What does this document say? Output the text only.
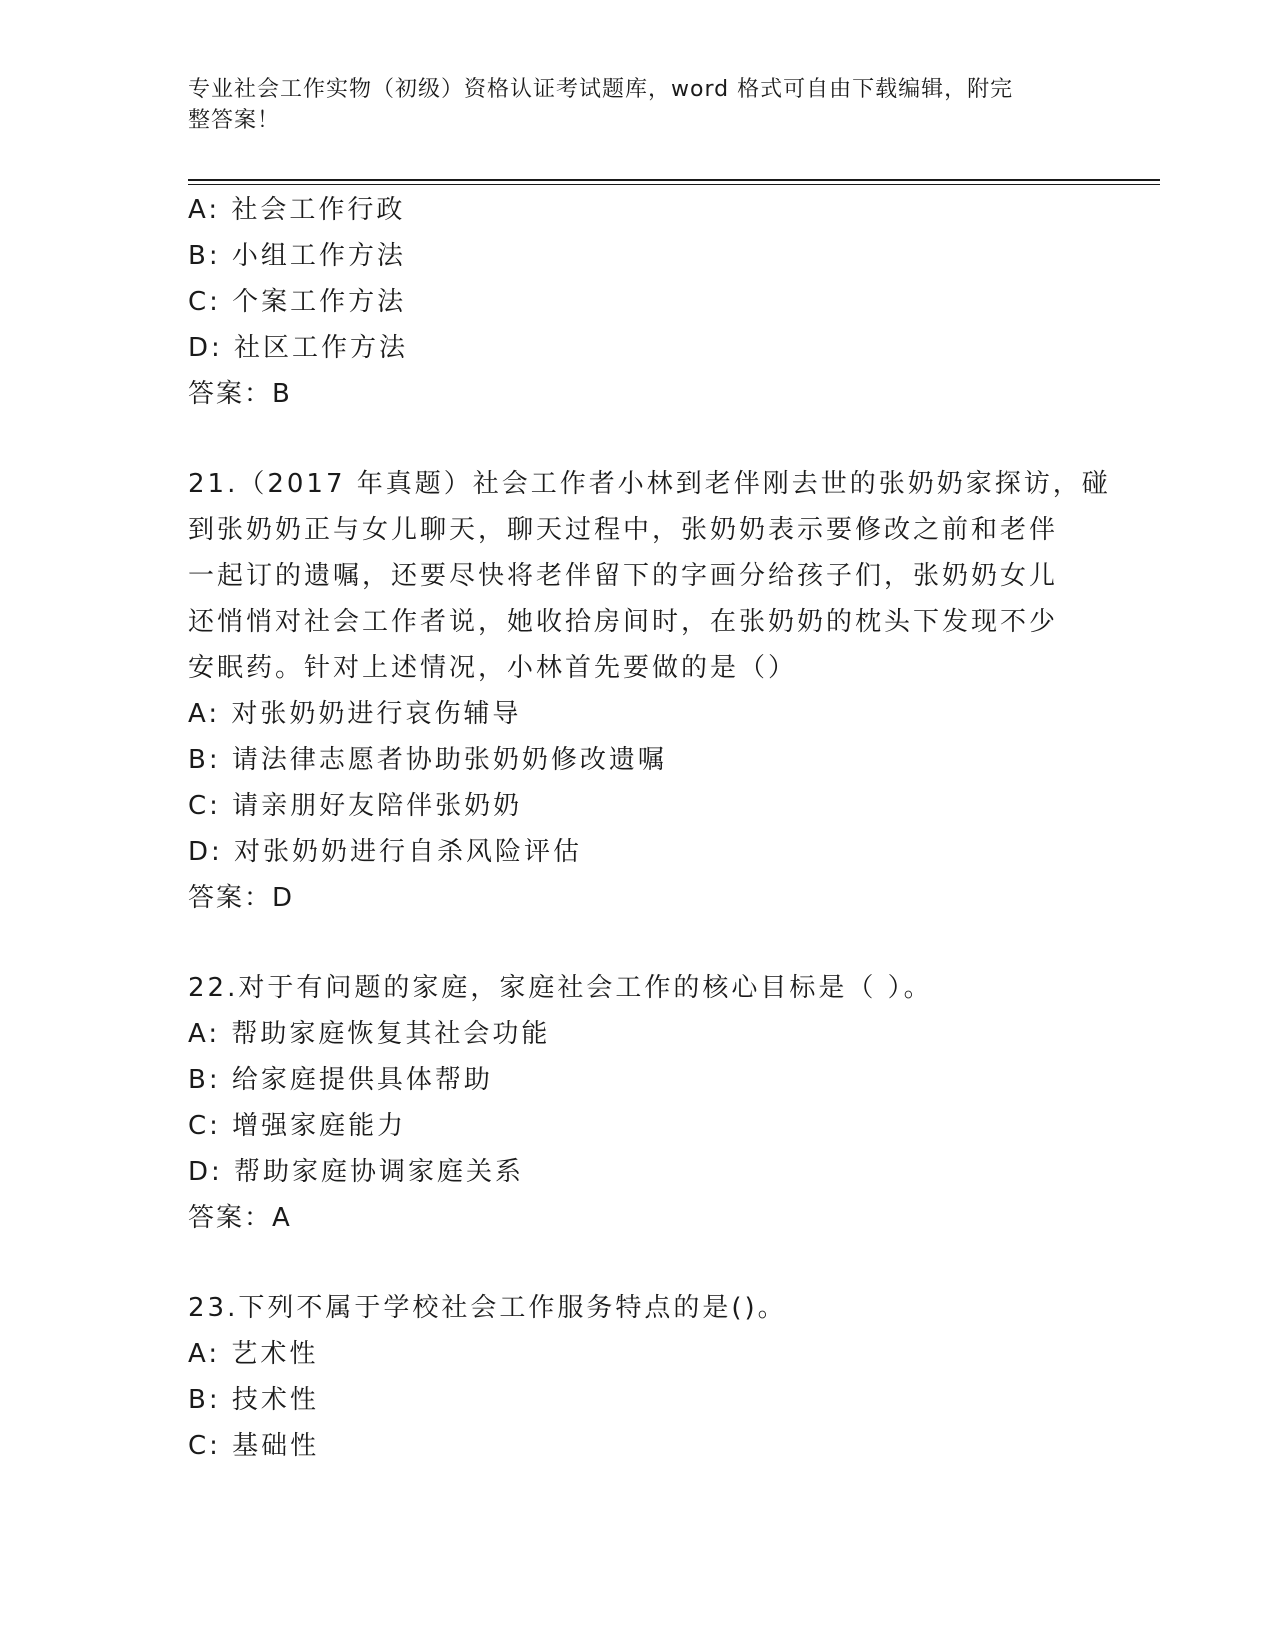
专业社会工作实物（初级）资格认证考试题库，word 格式可自由下载编辑，附完
整答案！
A: 社会工作行政
B: 小组工作方法
C: 个案工作方法
D: 社区工作方法
答案：B
21.（2017 年真题）社会工作者小林到老伴刚去世的张奶奶家探访，碰
到张奶奶正与女儿聊天，聊天过程中，张奶奶表示要修改之前和老伴
一起订的遗嘱，还要尽快将老伴留下的字画分给孩子们，张奶奶女儿
还悄悄对社会工作者说，她收拾房间时，在张奶奶的枕头下发现不少
安眠药。针对上述情况，小林首先要做的是（）
A: 对张奶奶进行哀伤辅导
B: 请法律志愿者协助张奶奶修改遗嘱
C: 请亲朋好友陪伴张奶奶
D: 对张奶奶进行自杀风险评估
答案：D
22.对于有问题的家庭，家庭社会工作的核心目标是（ ）。
A: 帮助家庭恢复其社会功能
B: 给家庭提供具体帮助
C: 增强家庭能力
D: 帮助家庭协调家庭关系
答案：A
23.下列不属于学校社会工作服务特点的是()。
A: 艺术性
B: 技术性
C: 基础性
